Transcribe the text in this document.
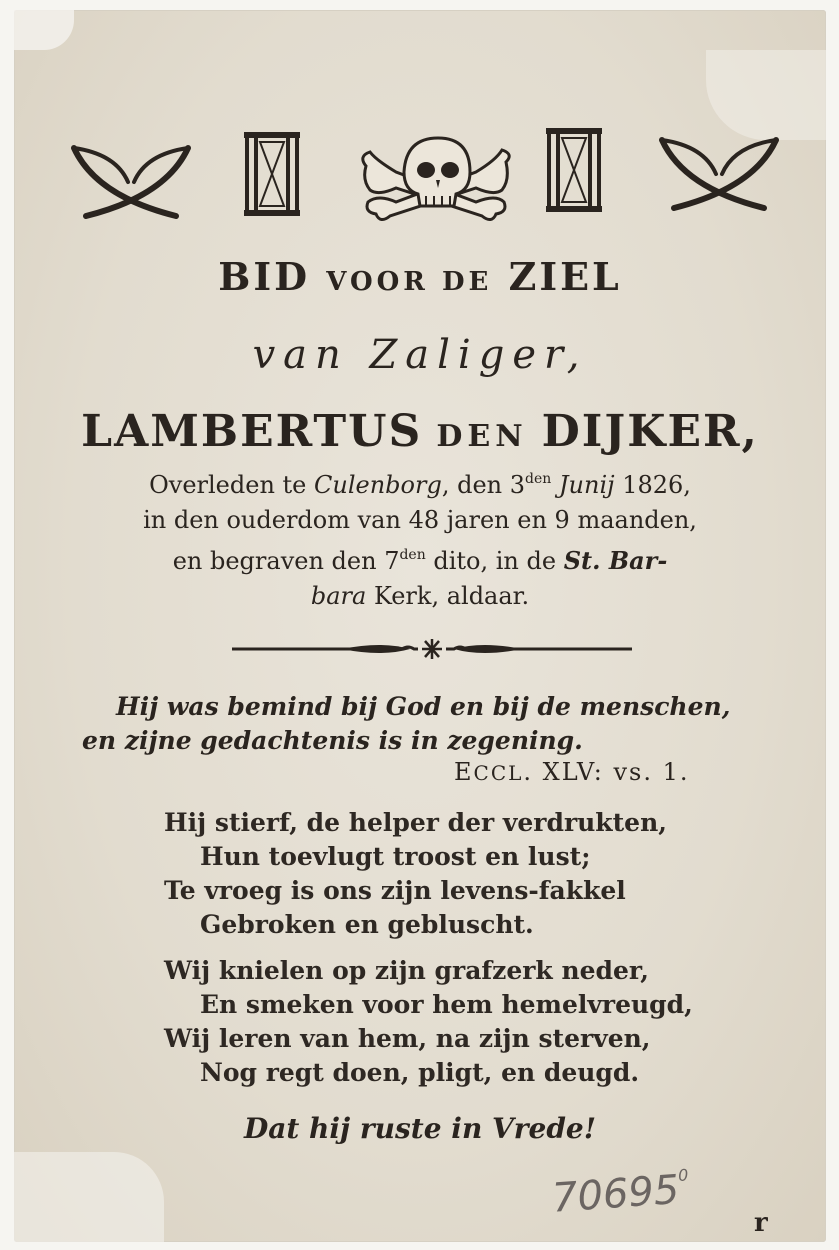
BID VOOR DE ZIEL
van Zaliger,
LAMBERTUS DEN DIJKER,
Overleden te Culenborg, den $3^{den}$ Junij 1826,
in den ouderdom van 48 jaren en 9 maanden,
en begraven den $7^{den}$ dito, in de St. Bar-
bara Kerk, aldaar.
Hij was bemind bij God en bij de menschen,
en zijne gedachtenis is in zegening.
ECCL. XLV: vs. 1.
Hij stierf, de helper der verdrukten,
Hun toevlugt troost en lust;
Te vroeg is ons zijn levens-fakkel
Gebroken en gebluscht.
Wij knielen op zijn grafzerk neder,
En smeken voor hem hemelvreugd,
Wij leren van hem, na zijn sterven,
Nog regt doen, pligt, en deugd.
Dat hij ruste in Vrede!
70695$^0$
r
